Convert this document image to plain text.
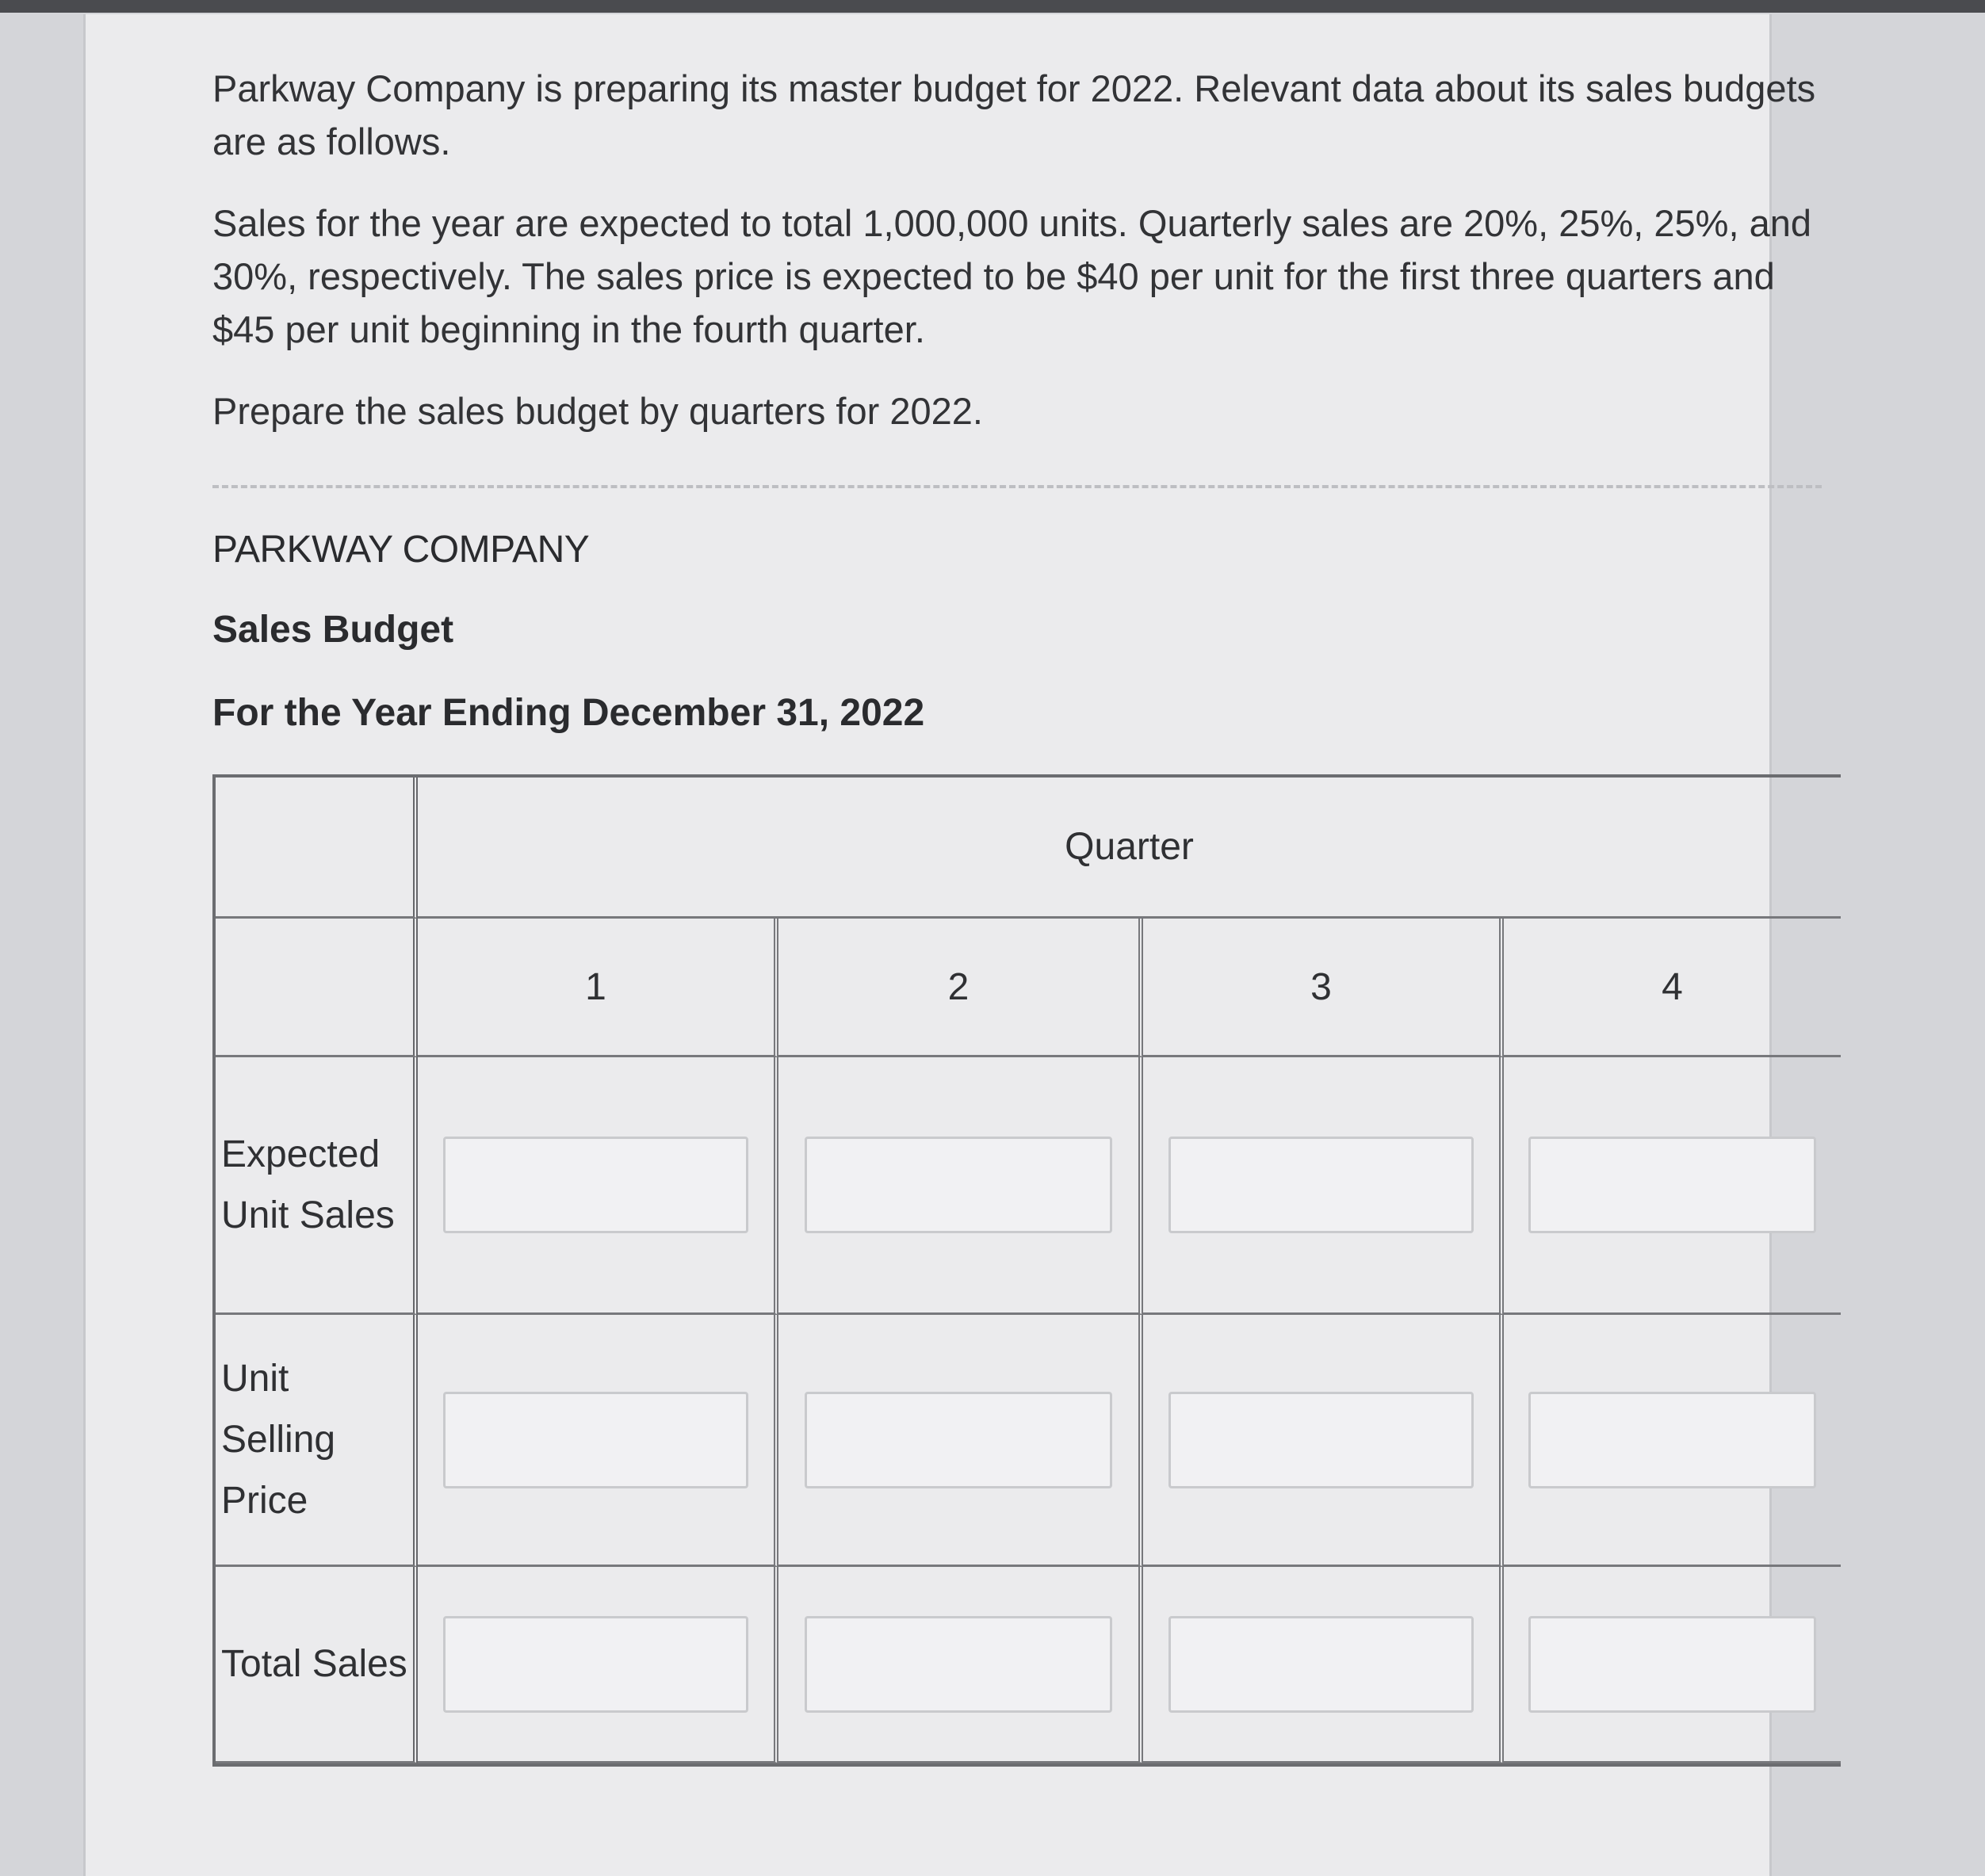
Parkway Company is preparing its master budget for 2022. Relevant data about its sales budgets are as follows.

Sales for the year are expected to total 1,000,000 units. Quarterly sales are 20%, 25%, 25%, and 30%, respectively. The sales price is expected to be $40 per unit for the first three quarters and $45 per unit beginning in the fourth quarter.

Prepare the sales budget by quarters for 2022.

PARKWAY COMPANY

Sales Budget

For the Year Ending December 31, 2022

	Quarter			
	1	2	3	4

Expected Unit Sales

Unit Selling Price

Total Sales
